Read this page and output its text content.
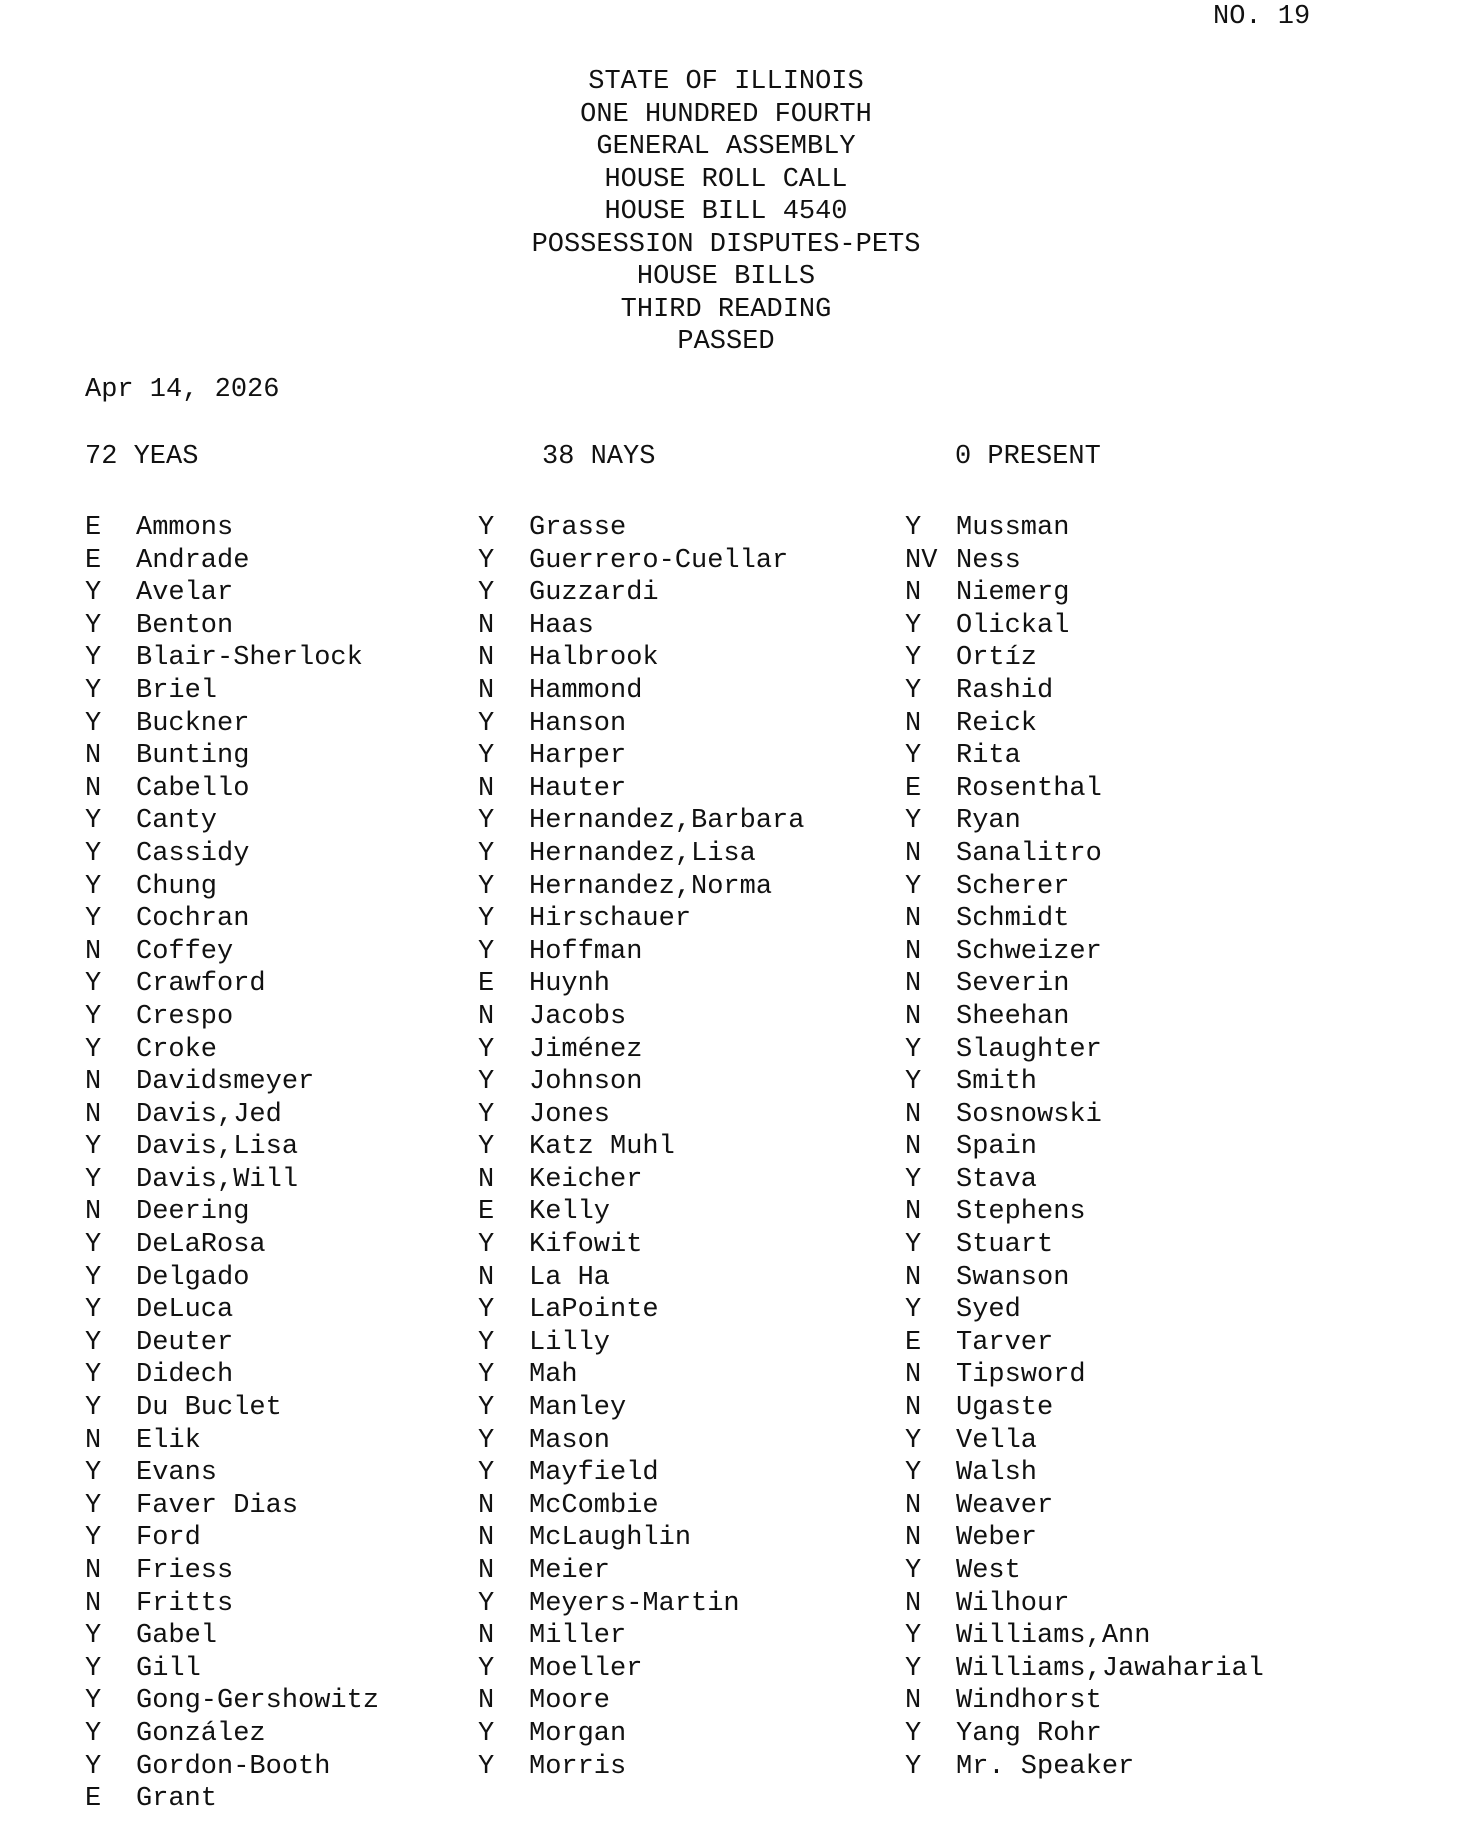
NO. 19
STATE OF ILLINOIS
ONE HUNDRED FOURTH
GENERAL ASSEMBLY
HOUSE ROLL CALL
HOUSE BILL 4540
POSSESSION DISPUTES-PETS
HOUSE BILLS
THIRD READING
PASSED
Apr 14, 2026
72 YEAS	38 NAYS	0 PRESENT
E Ammons
E Andrade
Y Avelar
Y Benton
Y Blair-Sherlock
Y Briel
Y Buckner
N Bunting
N Cabello
Y Canty
Y Cassidy
Y Chung
Y Cochran
N Coffey
Y Crawford
Y Crespo
Y Croke
N Davidsmeyer
N Davis,Jed
Y Davis,Lisa
Y Davis,Will
N Deering
Y DeLaRosa
Y Delgado
Y DeLuca
Y Deuter
Y Didech
Y Du Buclet
N Elik
Y Evans
Y Faver Dias
Y Ford
N Friess
N Fritts
Y Gabel
Y Gill
Y Gong-Gershowitz
Y González
Y Gordon-Booth
E Grant
Y Grasse
Y Guerrero-Cuellar
Y Guzzardi
N Haas
N Halbrook
N Hammond
Y Hanson
Y Harper
N Hauter
Y Hernandez,Barbara
Y Hernandez,Lisa
Y Hernandez,Norma
Y Hirschauer
Y Hoffman
E Huynh
N Jacobs
Y Jiménez
Y Johnson
Y Jones
Y Katz Muhl
N Keicher
E Kelly
Y Kifowit
N La Ha
Y LaPointe
Y Lilly
Y Mah
Y Manley
Y Mason
Y Mayfield
N McCombie
N McLaughlin
N Meier
Y Meyers-Martin
N Miller
Y Moeller
N Moore
Y Morgan
Y Morris
Y Mussman
NV Ness
N Niemerg
Y Olickal
Y Ortíz
Y Rashid
N Reick
Y Rita
E Rosenthal
Y Ryan
N Sanalitro
Y Scherer
N Schmidt
N Schweizer
N Severin
N Sheehan
Y Slaughter
Y Smith
N Sosnowski
N Spain
Y Stava
N Stephens
Y Stuart
N Swanson
Y Syed
E Tarver
N Tipsword
N Ugaste
Y Vella
Y Walsh
N Weaver
N Weber
Y West
N Wilhour
Y Williams,Ann
Y Williams,Jawaharial
N Windhorst
Y Yang Rohr
Y Mr. Speaker
